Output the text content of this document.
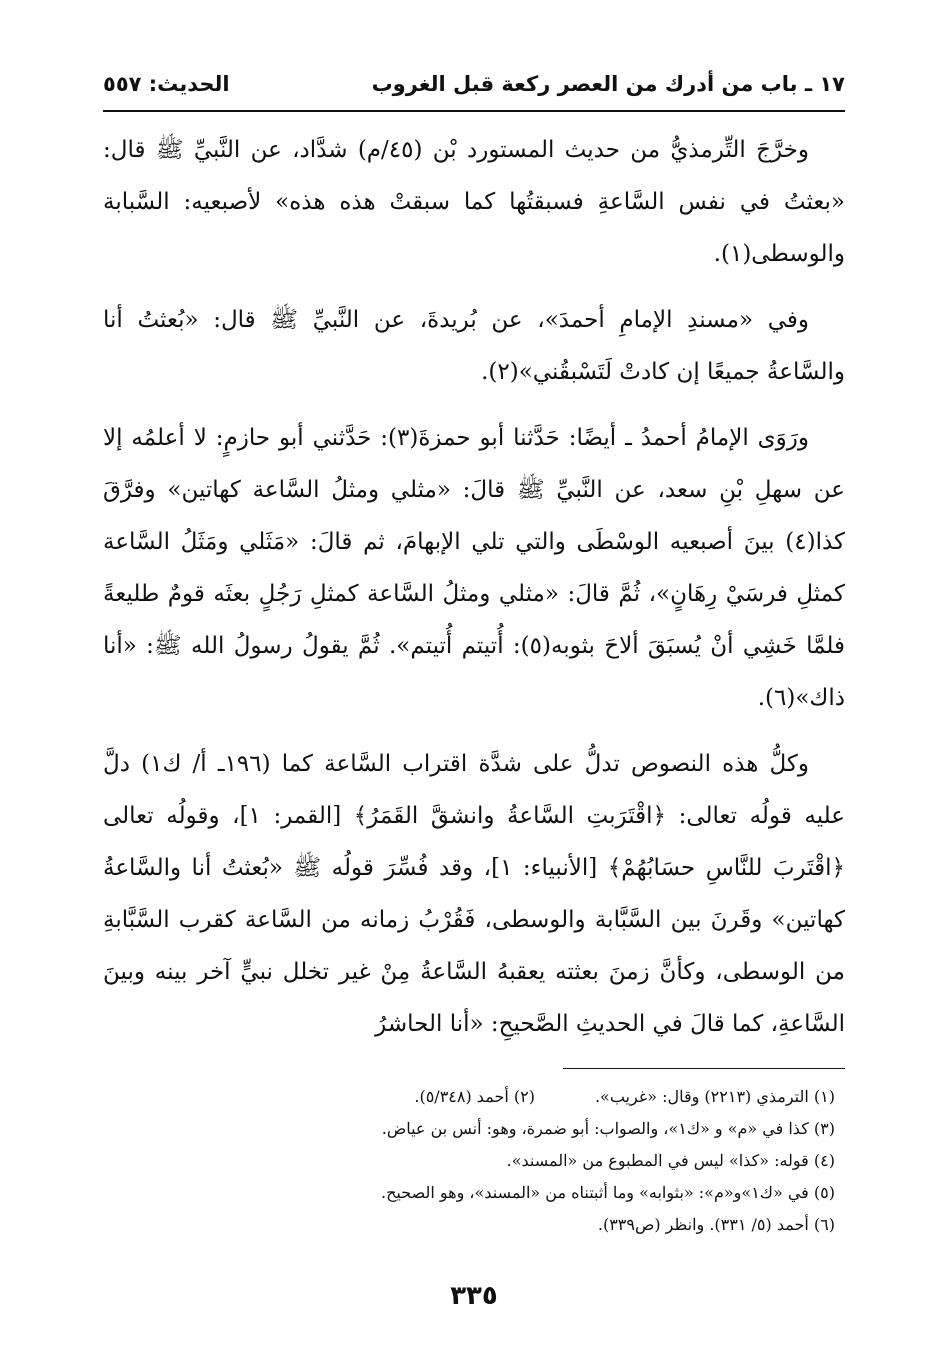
١٧ ـ باب من أدرك من العصر ركعة قبل الغروب
الحديث: ٥٥٧

وخرَّجَ التِّرمذيُّ من حديث المستورد بْن (٤٥/م) شدَّاد، عن النَّبيِّ ﷺ قال: «بعثتُ في نفس السَّاعةِ فسبقتُها كما سبقتْ هذه هذه» لأصبعيه: السَّبابة والوسطى(١).

وفي «مسندِ الإمامِ أحمدَ»، عن بُريدةَ، عن النَّبيِّ ﷺ قال: «بُعثتُ أنا والسَّاعةُ جميعًا إن كادتْ لَتَسْبقُني»(٢).

ورَوَى الإمامُ أحمدُ ـ أيضًا: حَدَّثنا أبو حمزةَ(٣): حَدَّثني أبو حازمٍ: لا أعلمُه إلا عن سهلِ بْنِ سعد، عن النَّبيِّ ﷺ قالَ: «مثلي ومثلُ السَّاعة كهاتين» وفرَّقَ كذا(٤) بينَ أصبعيه الوسْطَى والتي تلي الإبهامَ، ثم قالَ: «مَثَلي ومَثَلُ السَّاعة كمثلِ فرسَيْ رِهَانٍ»، ثُمَّ قالَ: «مثلي ومثلُ السَّاعة كمثلِ رَجُلٍ بعثَه قومٌ طليعةً فلمَّا خَشِي أنْ يُسبَقَ ألاحَ بثوبه(٥): أُتيتم أُتيتم». ثُمَّ يقولُ رسولُ الله ﷺ: «أنا ذاك»(٦).

وكلُّ هذه النصوص تدلُّ على شدَّة اقتراب السَّاعة كما (١٩٦ـ أ/ ك١) دلَّ عليه قولُه تعالى: ﴿اقْتَرَبتِ السَّاعةُ وانشقَّ القَمَرُ﴾ [القمر: ١]، وقولُه تعالى ﴿اقْتَربَ للنَّاسِ حسَابُهُمْ﴾ [الأنبياء: ١]، وقد فُسِّرَ قولُه ﷺ «بُعثتُ أنا والسَّاعةُ كهاتين» وقَرنَ بين السَّبَّابة والوسطى، فَقُرْبُ زمانه من السَّاعة كقرب السَّبَّابةِ من الوسطى، وكأنَّ زمنَ بعثته يعقبهُ السَّاعةُ مِنْ غير تخلل نبيٍّ آخر بينه وبينَ السَّاعةِ، كما قالَ في الحديثِ الصَّحيحِ: «أنا الحاشرُ

(١) الترمذي (٢٢١٣) وقال: «غريب».
(٢) أحمد (٥/٣٤٨).
(٣) كذا في «م» و «ك١»، والصواب: أبو ضمرة، وهو: أنس بن عياض.
(٤) قوله: «كذا» ليس في المطبوع من «المسند».
(٥) في «ك١»و«م»: «بثوابه» وما أثبتناه من «المسند»، وهو الصحيح.
(٦) أحمد (٥/ ٣٣١). وانظر (ص٣٣٩).
٣٣٥
